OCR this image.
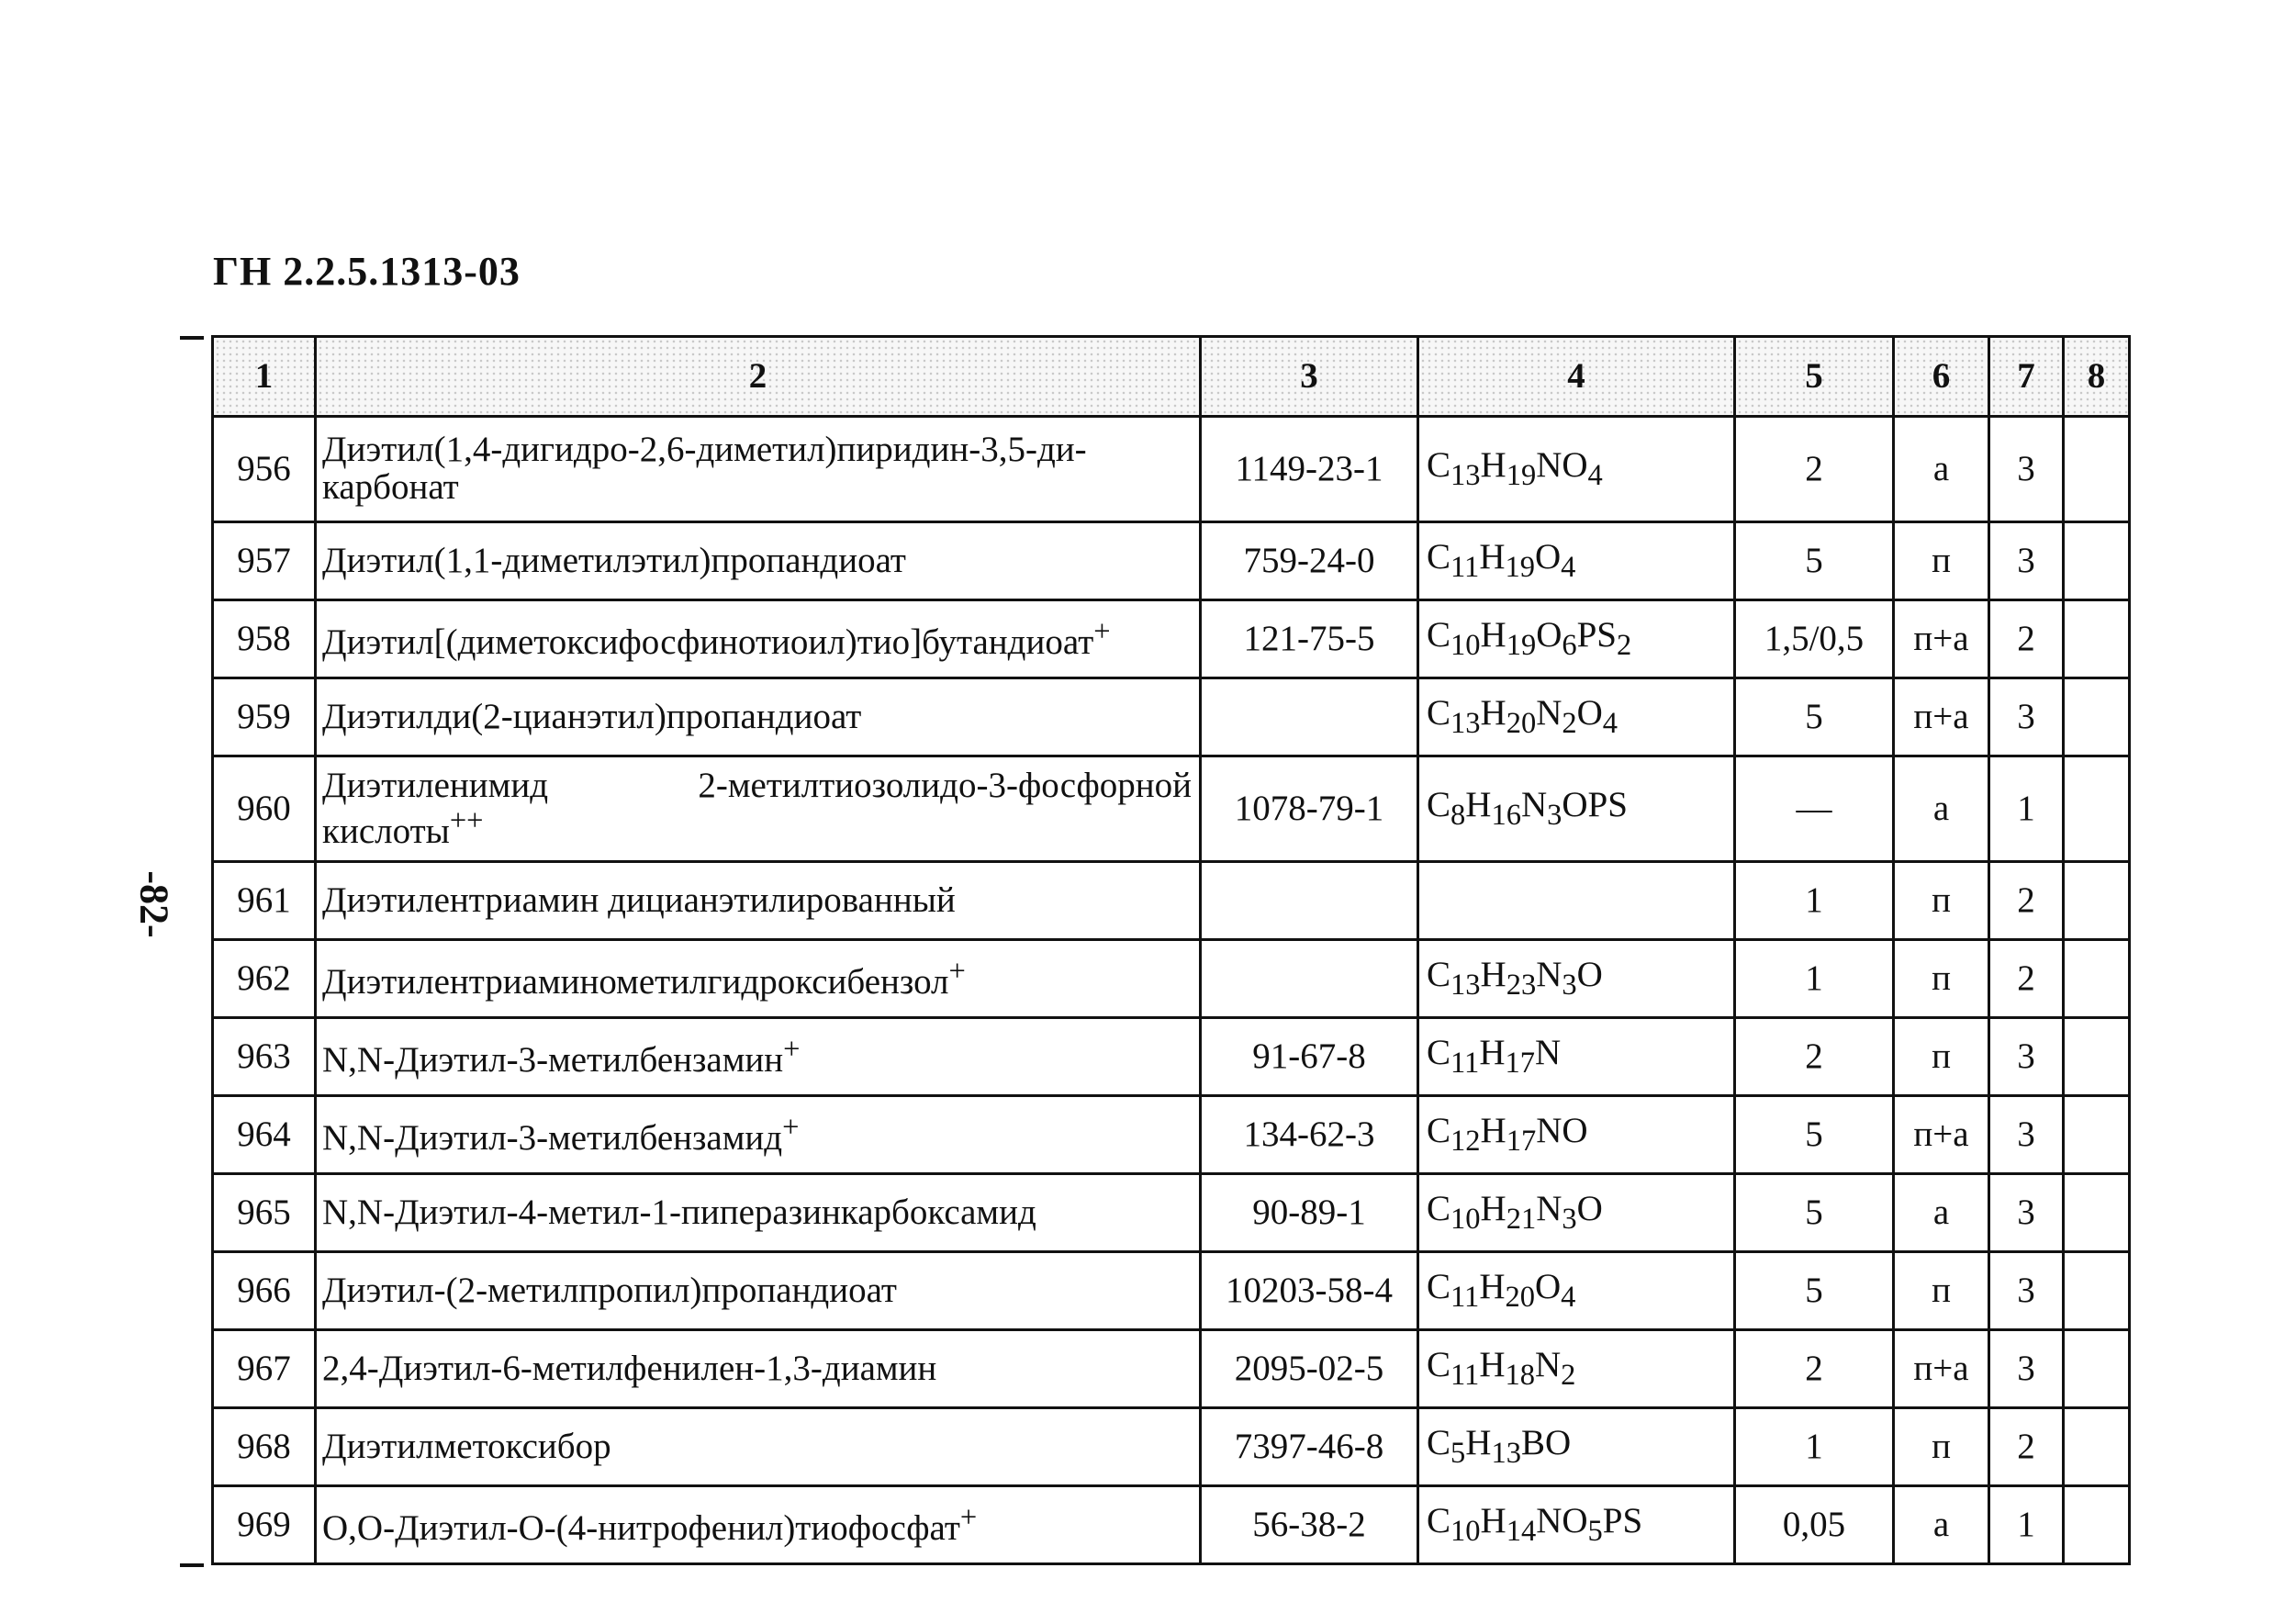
ГН 2.2.5.1313-03
-82-
1	2	3	4	5	6	7	8
956	Диэтил(1,4-дигидро-2,6-диметил)пиридин-3,5-ди-карбонат	1149-23-1	$C_{13}H_{19}NO_4$	2	а	3	
957	Диэтил(1,1-диметилэтил)пропандиоат	759-24-0	$C_{11}H_{19}O_4$	5	п	3	
958	Диэтил[(диметоксифосфинотиоил)тио]бутандиоат+	121-75-5	$C_{10}H_{19}O_6PS_2$	1,5/0,5	п+а	2	
959	Диэтилди(2-цианэтил)пропандиоат		$C_{13}H_{20}N_2O_4$	5	п+а	3	
960	Диэтиленимид 2-метилтиозолидо-3-фосфорной кислоты++	1078-79-1	$C_8H_{16}N_3OPS$	—	а	1	
961	Диэтилентриамин дицианэтилированный			1	п	2	
962	Диэтилентриаминометилгидроксибензол+		$C_{13}H_{23}N_3O$	1	п	2	
963	N,N-Диэтил-3-метилбензамин+	91-67-8	$C_{11}H_{17}N$	2	п	3	
964	N,N-Диэтил-3-метилбензамид+	134-62-3	$C_{12}H_{17}NO$	5	п+а	3	
965	N,N-Диэтил-4-метил-1-пиперазинкарбоксамид	90-89-1	$C_{10}H_{21}N_3O$	5	а	3	
966	Диэтил-(2-метилпропил)пропандиоат	10203-58-4	$C_{11}H_{20}O_4$	5	п	3	
967	2,4-Диэтил-6-метилфенилен-1,3-диамин	2095-02-5	$C_{11}H_{18}N_2$	2	п+а	3	
968	Диэтилметоксибор	7397-46-8	$C_5H_{13}BO$	1	п	2	
969	O,O-Диэтил-O-(4-нитрофенил)тиофосфат+	56-38-2	$C_{10}H_{14}NO_5PS$	0,05	а	1	
